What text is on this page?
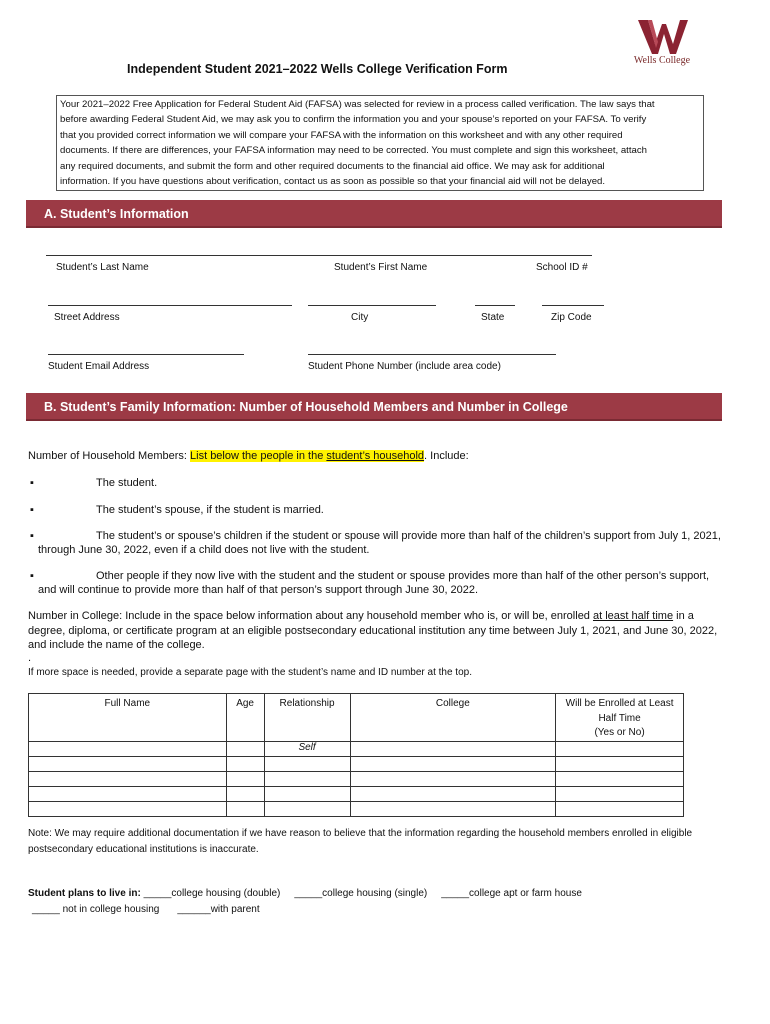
Wells College
Independent Student 2021–2022 Wells College Verification Form
Your 2021–2022 Free Application for Federal Student Aid (FAFSA) was selected for review in a process called verification. The law says that
before awarding Federal Student Aid, we may ask you to confirm the information you and your spouse’s reported on your FAFSA. To verify
that you provided correct information we will compare your FAFSA with the information on this worksheet and with any other required
documents. If there are differences, your FAFSA information may need to be corrected. You must complete and sign this worksheet, attach
any required documents, and submit the form and other required documents to the financial aid office. We may ask for additional
information. If you have questions about verification, contact us as soon as possible so that your financial aid will not be delayed.
A. Student’s Information
Student’s Last Name	Student’s First Name	School ID #
Street Address	City	State	Zip Code
Student Email Address	Student Phone Number (include area code)
B. Student’s Family Information: Number of Household Members and Number in College
Number of Household Members: List below the people in the student’s household. Include:
▪	The student.
▪	The student’s spouse, if the student is married.
▪	The student’s or spouse’s children if the student or spouse will provide more than half of the children’s support from July 1, 2021,
through June 30, 2022, even if a child does not live with the student.
▪	Other people if they now live with the student and the student or spouse provides more than half of the other person’s support,
and will continue to provide more than half of that person’s support through June 30, 2022.
Number in College: Include in the space below information about any household member who is, or will be, enrolled at least half time in a
degree, diploma, or certificate program at an eligible postsecondary educational institution any time between July 1, 2021, and June 30, 2022,
and include the name of the college.
.
If more space is needed, provide a separate page with the student’s name and ID number at the top.
Full Name	Age	Relationship	College	Will be Enrolled at Least
Half Time
(Yes or No)

		Self		

Note: We may require additional documentation if we have reason to believe that the information regarding the household members enrolled in eligible
postsecondary educational institutions is inaccurate.
Student plans to live in: _____college housing (double) _____college housing (single) _____college apt or farm house
_____ not in college housing ______with parent
